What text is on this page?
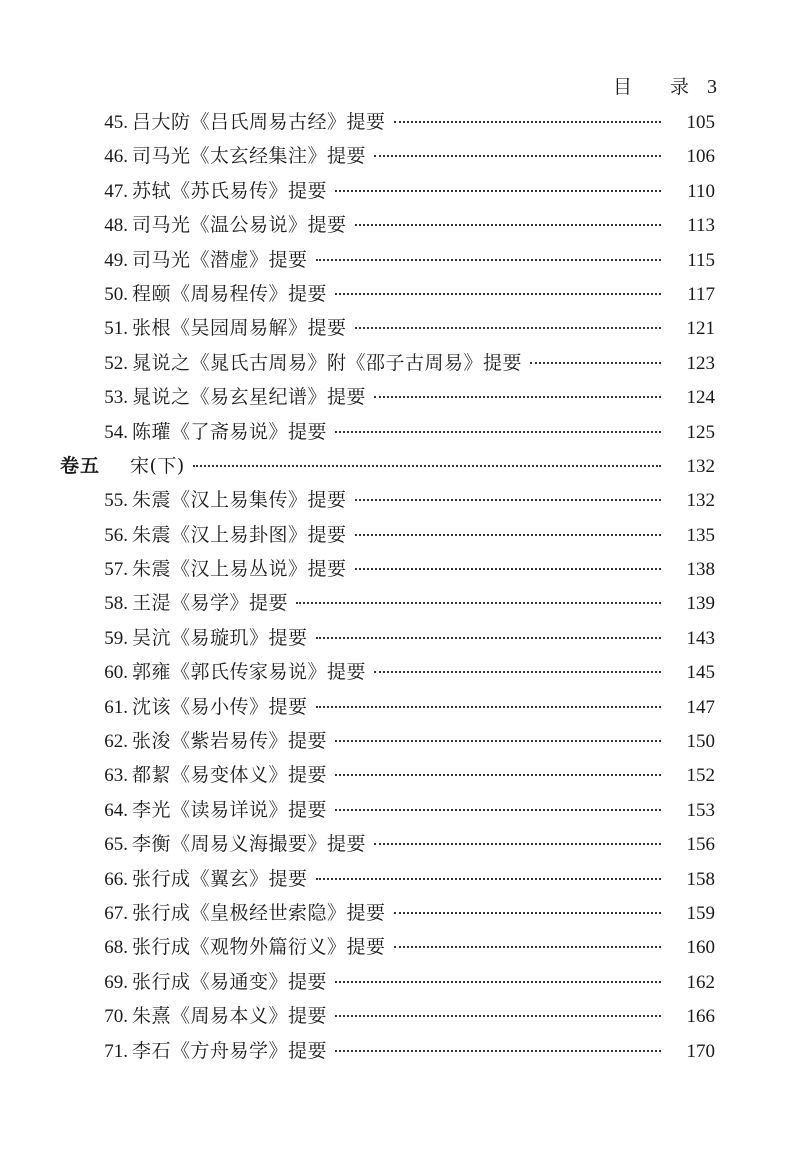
目 录 3
45. 吕大防《吕氏周易古经》提要	105
46. 司马光《太玄经集注》提要	106
47. 苏轼《苏氏易传》提要	110
48. 司马光《温公易说》提要	113
49. 司马光《潜虚》提要	115
50. 程颐《周易程传》提要	117
51. 张根《吴园周易解》提要	121
52. 晁说之《晁氏古周易》附《邵子古周易》提要	123
53. 晁说之《易玄星纪谱》提要	124
54. 陈瓘《了斋易说》提要	125
卷五	宋(下)	132
55. 朱震《汉上易集传》提要	132
56. 朱震《汉上易卦图》提要	135
57. 朱震《汉上易丛说》提要	138
58. 王湜《易学》提要	139
59. 吴沆《易璇玑》提要	143
60. 郭雍《郭氏传家易说》提要	145
61. 沈该《易小传》提要	147
62. 张浚《紫岩易传》提要	150
63. 都絜《易变体义》提要	152
64. 李光《读易详说》提要	153
65. 李衡《周易义海撮要》提要	156
66. 张行成《翼玄》提要	158
67. 张行成《皇极经世索隐》提要	159
68. 张行成《观物外篇衍义》提要	160
69. 张行成《易通变》提要	162
70. 朱熹《周易本义》提要	166
71. 李石《方舟易学》提要	170
